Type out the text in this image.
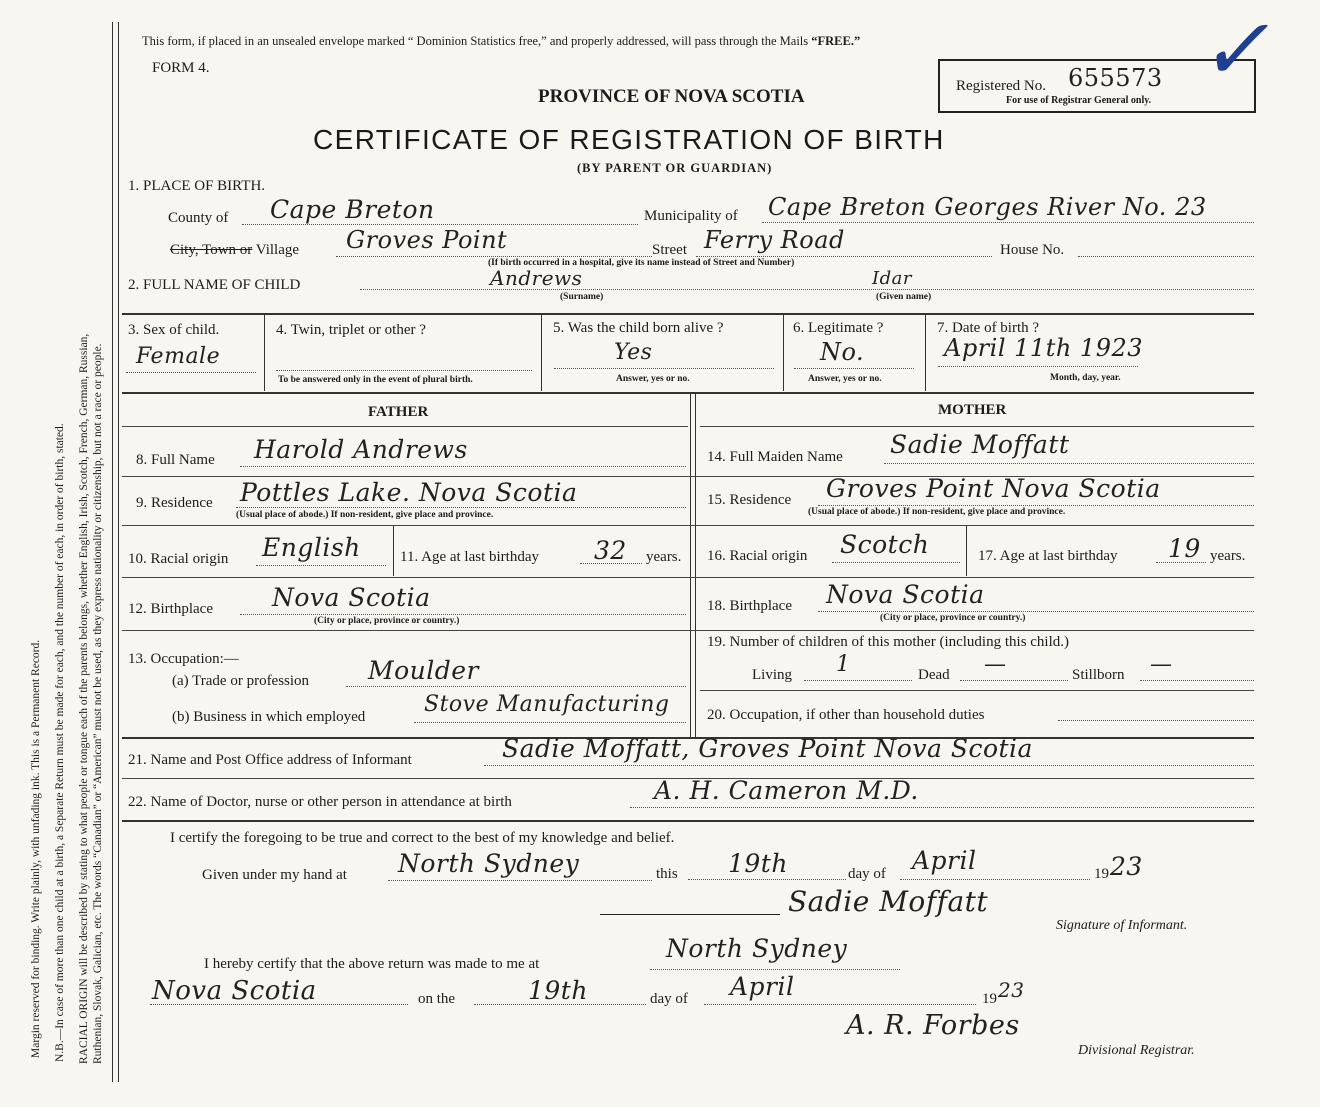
Margin reserved for binding. Write plainly, with unfading ink. This is a Permanent Record. N.B.—In case of more than one child at a birth, a Separate Return must be made for each, and the number of each, in order of birth, stated. RACIAL ORIGIN will be described by stating to what people or tongue each of the parents belongs, whether English, Irish, Scotch, French, German, Russian, Ruthenian, Slovak, Galician, etc. The words “Canadian” or “American” must not be used, as they express nationality or citizenship, but not a race or people.
This form, if placed in an unsealed envelope marked “ Dominion Statistics free,” and properly addressed, will pass through the Mails “FREE.”
FORM 4.
PROVINCE OF NOVA SCOTIA	Registered No. 655573
For use of Registrar General only.
✓
CERTIFICATE OF REGISTRATION OF BIRTH
(BY PARENT OR GUARDIAN)
1. PLACE OF BIRTH.
County of Cape Breton	Municipality of Cape Breton Georges River No. 23
City, Town or Village Groves Point	Street Ferry Road	House No.
(If birth occurred in a hospital, give its name instead of Street and Number)
2. FULL NAME OF CHILD	Andrews
(Surname)
Idar
(Given name)
3. Sex of child.
Female
4. Twin, triplet or other ?
To be answered only in the event of plural birth.
5. Was the child born alive ?
Yes
Answer, yes or no.
6. Legitimate ?
No.
Answer, yes or no.
7. Date of birth ?
April 11th 1923
Month, day, year.
FATHER	MOTHER
8. Full Name Harold Andrews	14. Full Maiden Name Sadie Moffatt
9. Residence Pottles Lake. Nova Scotia
(Usual place of abode.) If non-resident, give place and province.
15. Residence Groves Point Nova Scotia
(Usual place of abode.) If non-resident, give place and province.
10. Racial origin English	11. Age at last birthday 32 years. 16. Racial origin Scotch	17. Age at last birthday 19 years.
12. Birthplace Nova Scotia
(City or place, province or country.)
18. Birthplace Nova Scotia
(City or place, province or country.)
13. Occupation:—
(a) Trade or profession Moulder
(b) Business in which employed	Stove Manufacturing
19. Number of children of this mother (including this child.)
Living 1	Dead —	Stillborn —
20. Occupation, if other than household duties
21. Name and Post Office address of Informant	Sadie Moffatt, Groves Point Nova Scotia
22. Name of Doctor, nurse or other person in attendance at birth	A. H. Cameron M.D.
I certify the foregoing to be true and correct to the best of my knowledge and belief.
Given under my hand at North Sydney	this 19th	day of April	19 23
Sadie Moffatt
Signature of Informant.
I hereby certify that the above return was made to me at
North Sydney
Nova Scotia	on the	19th	day of April	19 23
A. R. Forbes
Divisional Registrar.
